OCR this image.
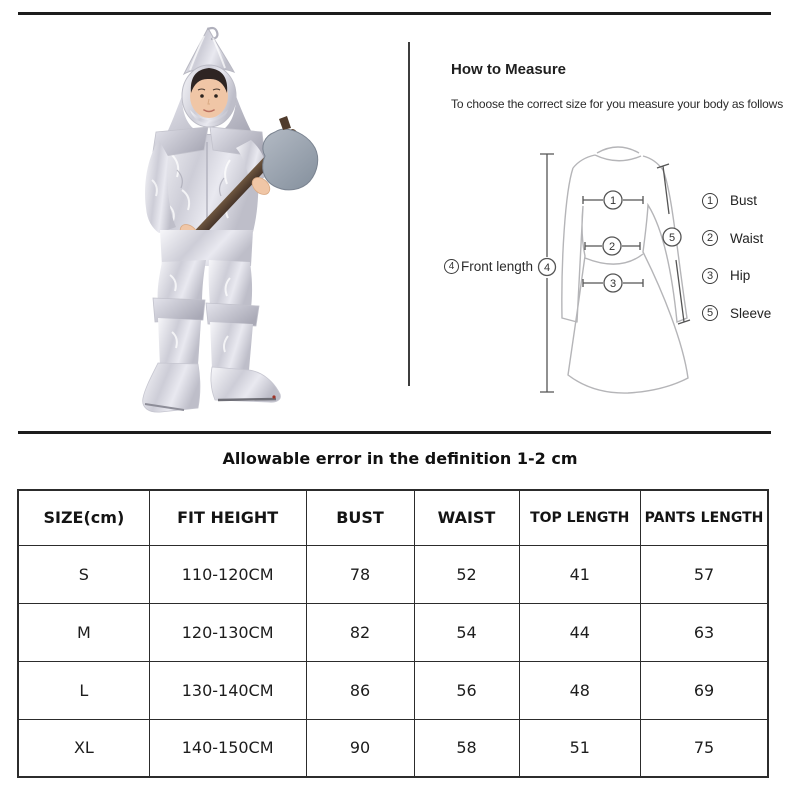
How to Measure
To choose the correct size for you measure your body as follows
1
2
3
4
5
4 Front length
1	Bust
2	Waist
3	Hip
5	Sleeve
Allowable error in the definition 1-2 cm
SIZE(cm)	FIT HEIGHT	BUST	WAIST	TOP LENGTH	PANTS LENGTH
S	110-120CM	78	52	41	57
M	120-130CM	82	54	44	63
L	130-140CM	86	56	48	69
XL	140-150CM	90	58	51	75
